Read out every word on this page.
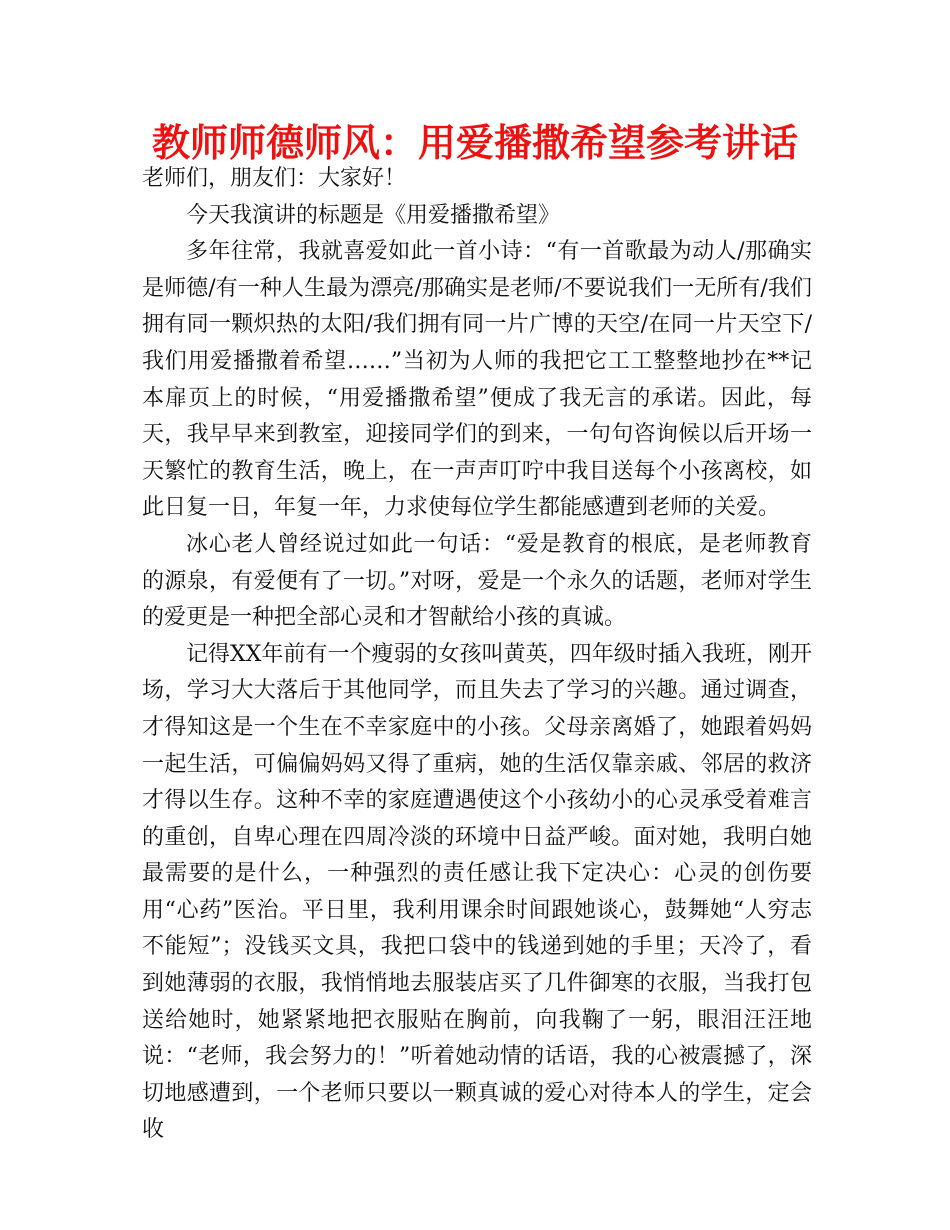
教师师德师风：用爱播撒希望参考讲话

老师们，朋友们：大家好！

今天我演讲的标题是《用爱播撒希望》

多年往常，我就喜爱如此一首小诗：“有一首歌最为动人/那确实是师德/有一种人生最为漂亮/那确实是老师/不要说我们一无所有/我们拥有同一颗炽热的太阳/我们拥有同一片广博的天空/在同一片天空下/我们用爱播撒着希望……”当初为人师的我把它工工整整地抄在**记本扉页上的时候，“用爱播撒希望”便成了我无言的承诺。因此，每天，我早早来到教室，迎接同学们的到来，一句句咨询候以后开场一天繁忙的教育生活，晚上，在一声声叮咛中我目送每个小孩离校，如此日复一日，年复一年，力求使每位学生都能感遭到老师的关爱。

冰心老人曾经说过如此一句话：“爱是教育的根底，是老师教育的源泉，有爱便有了一切。”对呀，爱是一个永久的话题，老师对学生的爱更是一种把全部心灵和才智献给小孩的真诚。

记得XX年前有一个瘦弱的女孩叫黄英，四年级时插入我班，刚开场，学习大大落后于其他同学，而且失去了学习的兴趣。通过调查，才得知这是一个生在不幸家庭中的小孩。父母亲离婚了，她跟着妈妈一起生活，可偏偏妈妈又得了重病，她的生活仅靠亲戚、邻居的救济才得以生存。这种不幸的家庭遭遇使这个小孩幼小的心灵承受着难言的重创，自卑心理在四周冷淡的环境中日益严峻。面对她，我明白她最需要的是什么，一种强烈的责任感让我下定决心：心灵的创伤要用“心药”医治。平日里，我利用课余时间跟她谈心，鼓舞她“人穷志不能短”；没钱买文具，我把口袋中的钱递到她的手里；天冷了，看到她薄弱的衣服，我悄悄地去服装店买了几件御寒的衣服，当我打包送给她时，她紧紧地把衣服贴在胸前，向我鞠了一躬，眼泪汪汪地说：“老师，我会努力的！”听着她动情的话语，我的心被震撼了，深切地感遭到，一个老师只要以一颗真诚的爱心对待本人的学生，定会收
